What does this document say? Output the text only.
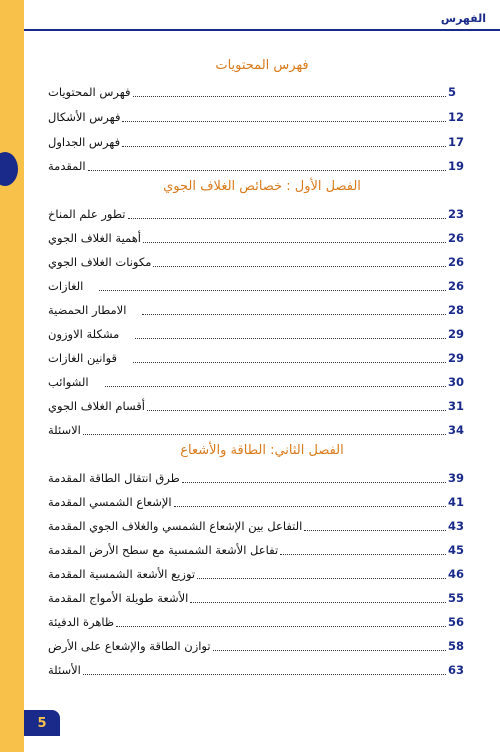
الفهرس
فهرس المحتويات
فهرس المحتويات	5
فهرس الأشكال	12
فهرس الجداول	17
المقدمة	19
الفصل الأول : خصائص الغلاف الجوي
تطور علم المناخ	23
أهمية الغلاف الجوي	26
مكونات الغلاف الجوي	26
الغازات	26
الامطار الحمضية	28
مشكلة الاوزون	29
قوانين الغازات	29
الشوائب	30
أقسام الغلاف الجوي	31
الاسئلة	34
الفصل الثاني: الطاقة والأشعاع
طرق انتقال الطاقة المقدمة	39
الإشعاع الشمسي المقدمة	41
التفاعل بين الإشعاع الشمسي والغلاف الجوي المقدمة	43
تفاعل الأشعة الشمسية مع سطح الأرض المقدمة	45
توزيع الأشعة الشمسية المقدمة	46
الأشعة طويلة الأمواج المقدمة	55
ظاهرة الدفيئة	56
توازن الطاقة والإشعاع على الأرض	58
الأسئلة	63
5
